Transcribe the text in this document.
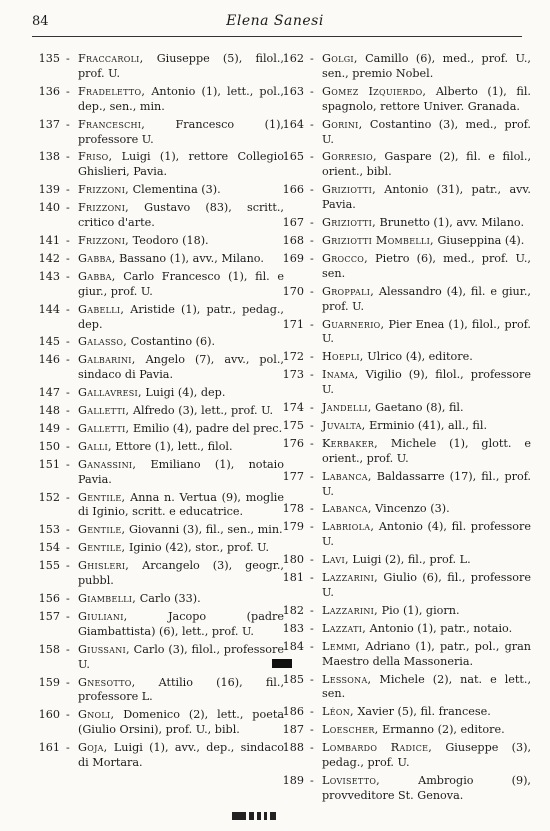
84	Elena Sanesi
135 - Fraccaroli, Giuseppe (5), filol., prof. U.
136 - Fradeletto, Antonio (1), lett., pol., dep., sen., min.
137 - Franceschi, Francesco (1), professore U.
138 - Friso, Luigi (1), rettore Collegio Ghislieri, Pavia.
139 - Frizzoni, Clementina (3).
140 - Frizzoni, Gustavo (83), scritt., critico d'arte.
141 - Frizzoni, Teodoro (18).
142 - Gabba, Bassano (1), avv., Milano.
143 - Gabba, Carlo Francesco (1), fil. e giur., prof. U.
144 - Gabelli, Aristide (1), patr., pedag., dep.
145 - Galasso, Costantino (6).
146 - Galbarini, Angelo (7), avv., pol., sindaco di Pavia.
147 - Gallavresi, Luigi (4), dep.
148 - Galletti, Alfredo (3), lett., prof. U.
149 - Galletti, Emilio (4), padre del prec.
150 - Galli, Ettore (1), lett., filol.
151 - Ganassini, Emiliano (1), notaio Pavia.
152 - Gentile, Anna n. Vertua (9), moglie di Iginio, scritt. e educatrice.
153 - Gentile, Giovanni (3), fil., sen., min.
154 - Gentile, Iginio (42), stor., prof. U.
155 - Ghisleri, Arcangelo (3), geogr., pubbl.
156 - Giambelli, Carlo (33).
157 - Giuliani, Jacopo (padre Giambattista) (6), lett., prof. U.
158 - Giussani, Carlo (3), filol., professore U.
159 - Gnesotto, Attilio (16), fil., professore L.
160 - Gnoli, Domenico (2), lett., poeta (Giulio Orsini), prof. U., bibl.
161 - Goja, Luigi (1), avv., dep., sindaco di Mortara.
162 - Golgi, Camillo (6), med., prof. U., sen., premio Nobel.
163 - Gomez Izquierdo, Alberto (1), fil. spagnolo, rettore Univer. Granada.
164 - Gorini, Costantino (3), med., prof. U.
165 - Gorresio, Gaspare (2), fil. e filol., orient., bibl.
166 - Griziotti, Antonio (31), patr., avv. Pavia.
167 - Griziotti, Brunetto (1), avv. Milano.
168 - Griziotti Mombelli, Giuseppina (4).
169 - Grocco, Pietro (6), med., prof. U., sen.
170 - Groppali, Alessandro (4), fil. e giur., prof. U.
171 - Guarnerio, Pier Enea (1), filol., prof. U.
172 - Hoepli, Ulrico (4), editore.
173 - Inama, Vigilio (9), filol., professore U.
174 - Jandelli, Gaetano (8), fil.
175 - Juvalta, Erminio (41), all., fil.
176 - Kerbaker, Michele (1), glott. e orient., prof. U.
177 - Labanca, Baldassarre (17), fil., prof. U.
178 - Labanca, Vincenzo (3).
179 - Labriola, Antonio (4), fil. professore U.
180 - Lavi, Luigi (2), fil., prof. L.
181 - Lazzarini, Giulio (6), fil., professore U.
182 - Lazzarini, Pio (1), giorn.
183 - Lazzati, Antonio (1), patr., notaio.
184 - Lemmi, Adriano (1), patr., pol., gran Maestro della Massoneria.
185 - Lessona, Michele (2), nat. e lett., sen.
186 - Léon, Xavier (5), fil. francese.
187 - Loescher, Ermanno (2), editore.
188 - Lombardo Radice, Giuseppe (3), pedag., prof. U.
189 - Lovisetto, Ambrogio (9), provveditore St. Genova.
